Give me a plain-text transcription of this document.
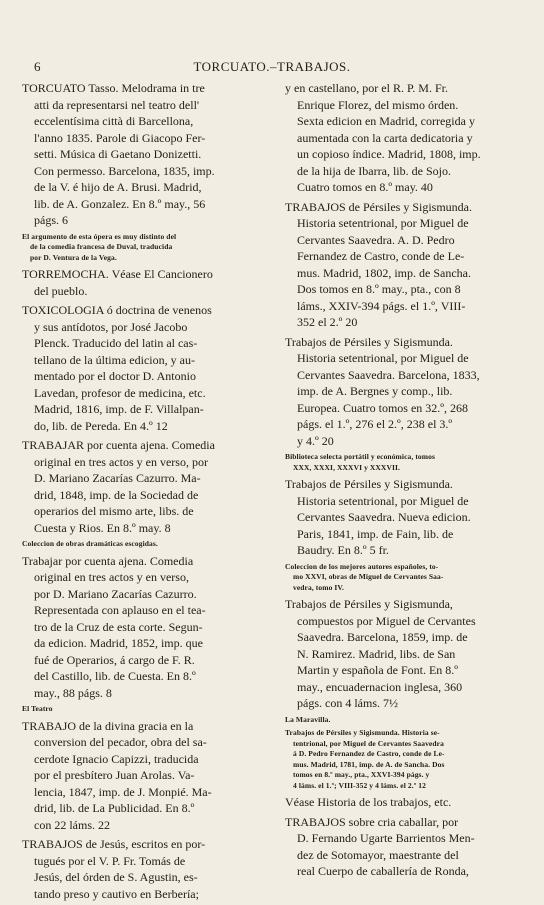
6	TORCUATO.–TRABAJOS.
TORCUATO Tasso. Melodrama in tre
atti da representarsi nel teatro dell'
eccelentísima città di Barcellona,
l'anno 1835. Parole di Giacopo Fer-
setti. Música di Gaetano Donizetti.
Con permesso. Barcelona, 1835, imp.
de la V. é hijo de A. Brusi. Madrid,
lib. de A. Gonzalez. En 8.º may., 56
págs. 6
El argumento de esta ópera es muy distinto del
de la comedia francesa de Duval, traducida
por D. Ventura de la Vega.
TORREMOCHA. Véase El Cancionero
del pueblo.
TOXICOLOGIA ó doctrina de venenos
y sus antídotos, por José Jacobo
Plenck. Traducido del latin al cas-
tellano de la última edicion, y au-
mentado por el doctor D. Antonio
Lavedan, profesor de medicina, etc.
Madrid, 1816, imp. de F. Villalpan-
do, lib. de Pereda. En 4.º 12
TRABAJAR por cuenta ajena. Comedia
original en tres actos y en verso, por
D. Mariano Zacarías Cazurro. Ma-
drid, 1848, imp. de la Sociedad de
operarios del mismo arte, libs. de
Cuesta y Rios. En 8.º may. 8
Coleccion de obras dramáticas escogidas.
Trabajar por cuenta ajena. Comedia
original en tres actos y en verso,
por D. Mariano Zacarías Cazurro.
Representada con aplauso en el tea-
tro de la Cruz de esta corte. Segun-
da edicion. Madrid, 1852, imp. que
fué de Operarios, á cargo de F. R.
del Castillo, lib. de Cuesta. En 8.º
may., 88 págs. 8
El Teatro
TRABAJO de la divina gracia en la
conversion del pecador, obra del sa-
cerdote Ignacio Capizzi, traducida
por el presbítero Juan Arolas. Va-
lencia, 1847, imp. de J. Monpié. Ma-
drid, lib. de La Publicidad. En 8.º
con 22 láms. 22
TRABAJOS de Jesús, escritos en por-
tugués por el V. P. Fr. Tomás de
Jesús, del órden de S. Agustin, es-
tando preso y cautivo en Berbería;
y en castellano, por el R. P. M. Fr.
Enrique Florez, del mismo órden.
Sexta edicion en Madrid, corregida y
aumentada con la carta dedicatoria y
un copioso índice. Madrid, 1808, imp.
de la hija de Ibarra, lib. de Sojo.
Cuatro tomos en 8.º may. 40
TRABAJOS de Pérsiles y Sigismunda.
Historia setentrional, por Miguel de
Cervantes Saavedra. A. D. Pedro
Fernandez de Castro, conde de Le-
mus. Madrid, 1802, imp. de Sancha.
Dos tomos en 8.º may., pta., con 8
láms., XXIV-394 págs. el 1.º, VIII-
352 el 2.º 20
Trabajos de Pérsiles y Sigismunda.
Historia setentrional, por Miguel de
Cervantes Saavedra. Barcelona, 1833,
imp. de A. Bergnes y comp., lib.
Europea. Cuatro tomos en 32.º, 268
págs. el 1.º, 276 el 2.º, 238 el 3.º
y 4.º 20
Biblioteca selecta portátil y económica, tomos
XXX, XXXI, XXXVI y XXXVII.
Trabajos de Pérsiles y Sigismunda.
Historia setentrional, por Miguel de
Cervantes Saavedra. Nueva edicion.
Paris, 1841, imp. de Fain, lib. de
Baudry. En 8.º 5 fr.
Coleccion de los mejores autores españoles, to-
mo XXVI, obras de Miguel de Cervantes Saa-
vedra, tomo IV.
Trabajos de Pérsiles y Sigismunda,
compuestos por Miguel de Cervantes
Saavedra. Barcelona, 1859, imp. de
N. Ramirez. Madrid, libs. de San
Martin y española de Font. En 8.º
may., encuadernacion inglesa, 360
págs. con 4 láms. 7½
La Maravilla.
Trabajos de Pérsiles y Sigismunda. Historia se-
tentrional, por Miguel de Cervantes Saavedra
á D. Pedro Fernandez de Castro, conde de Le-
mus. Madrid, 1781, imp. de A. de Sancha. Dos
tomos en 8.º may., pta., XXVI-394 págs. y
4 láms. el 1.º; VIII-352 y 4 láms. el 2.º 12
Véase Historia de los trabajos, etc.
TRABAJOS sobre cria caballar, por
D. Fernando Ugarte Barrientos Men-
dez de Sotomayor, maestrante del
real Cuerpo de caballería de Ronda,
